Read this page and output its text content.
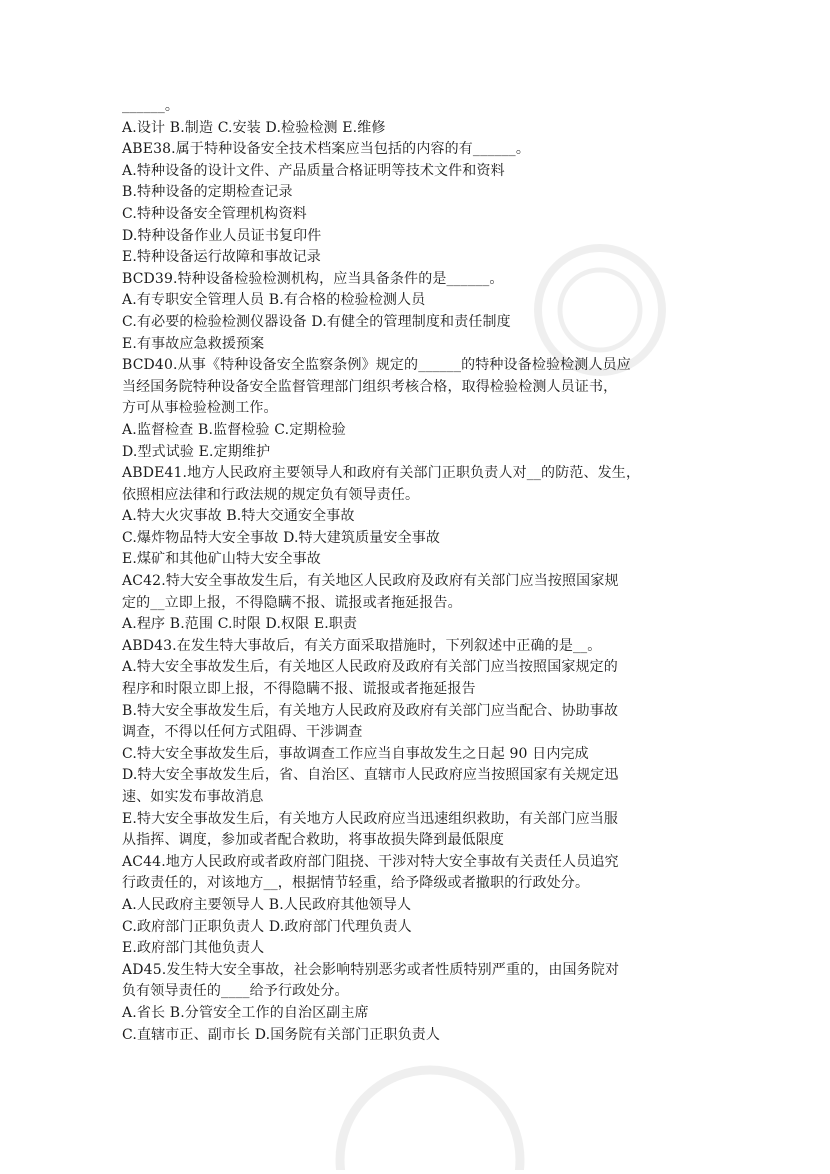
______。
A.设计 B.制造 C.安装 D.检验检测 E.维修
ABE38.属于特种设备安全技术档案应当包括的内容的有______。
A.特种设备的设计文件、产品质量合格证明等技术文件和资料
B.特种设备的定期检查记录
C.特种设备安全管理机构资料
D.特种设备作业人员证书复印件
E.特种设备运行故障和事故记录
BCD39.特种设备检验检测机构，应当具备条件的是______。
A.有专职安全管理人员 B.有合格的检验检测人员
C.有必要的检验检测仪器设备 D.有健全的管理制度和责任制度
E.有事故应急救援预案
BCD40.从事《特种设备安全监察条例》规定的______的特种设备检验检测人员应
当经国务院特种设备安全监督管理部门组织考核合格，取得检验检测人员证书，
方可从事检验检测工作。
A.监督检查 B.监督检验 C.定期检验
D.型式试验 E.定期维护
ABDE41.地方人民政府主要领导人和政府有关部门正职负责人对__的防范、发生，
依照相应法律和行政法规的规定负有领导责任。
A.特大火灾事故 B.特大交通安全事故
C.爆炸物品特大安全事故 D.特大建筑质量安全事故
E.煤矿和其他矿山特大安全事故
AC42.特大安全事故发生后，有关地区人民政府及政府有关部门应当按照国家规
定的__立即上报，不得隐瞒不报、谎报或者拖延报告。
A.程序 B.范围 C.时限 D.权限 E.职责
ABD43.在发生特大事故后，有关方面采取措施时，下列叙述中正确的是__。
A.特大安全事故发生后，有关地区人民政府及政府有关部门应当按照国家规定的
程序和时限立即上报，不得隐瞒不报、谎报或者拖延报告
B.特大安全事故发生后，有关地方人民政府及政府有关部门应当配合、协助事故
调查，不得以任何方式阻碍、干涉调查
C.特大安全事故发生后，事故调查工作应当自事故发生之日起 90 日内完成
D.特大安全事故发生后，省、自治区、直辖市人民政府应当按照国家有关规定迅
速、如实发布事故消息
E.特大安全事故发生后，有关地方人民政府应当迅速组织救助，有关部门应当服
从指挥、调度，参加或者配合救助，将事故损失降到最低限度
AC44.地方人民政府或者政府部门阻挠、干涉对特大安全事故有关责任人员追究
行政责任的，对该地方__，根据情节轻重，给予降级或者撤职的行政处分。
A.人民政府主要领导人 B.人民政府其他领导人
C.政府部门正职负责人 D.政府部门代理负责人
E.政府部门其他负责人
AD45.发生特大安全事故，社会影响特别恶劣或者性质特别严重的，由国务院对
负有领导责任的____给予行政处分。
A.省长 B.分管安全工作的自治区副主席
C.直辖市正、副市长 D.国务院有关部门正职负责人
